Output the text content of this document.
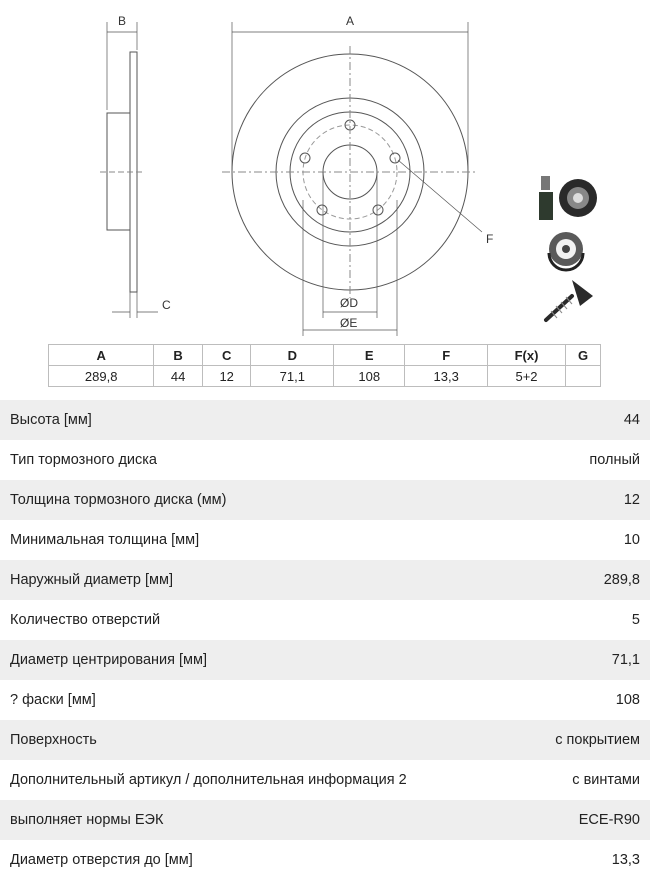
B
C
A
ØD
ØE
F
A	B	C	D	E	F	F(x)	G
289,8	44	12	71,1	108	13,3	5+2	
Высота [мм]	44
Тип тормозного диска	полный
Толщина тормозного диска (мм)	12
Минимальная толщина [мм]	10
Наружный диаметр [мм]	289,8
Количество отверстий	5
Диаметр центрирования [мм]	71,1
? фаски [мм]	108
Поверхность	с покрытием
Дополнительный артикул / дополнительная информация 2	с винтами
выполняет нормы ЕЭК	ECE-R90
Диаметр отверстия до [мм]	13,3
